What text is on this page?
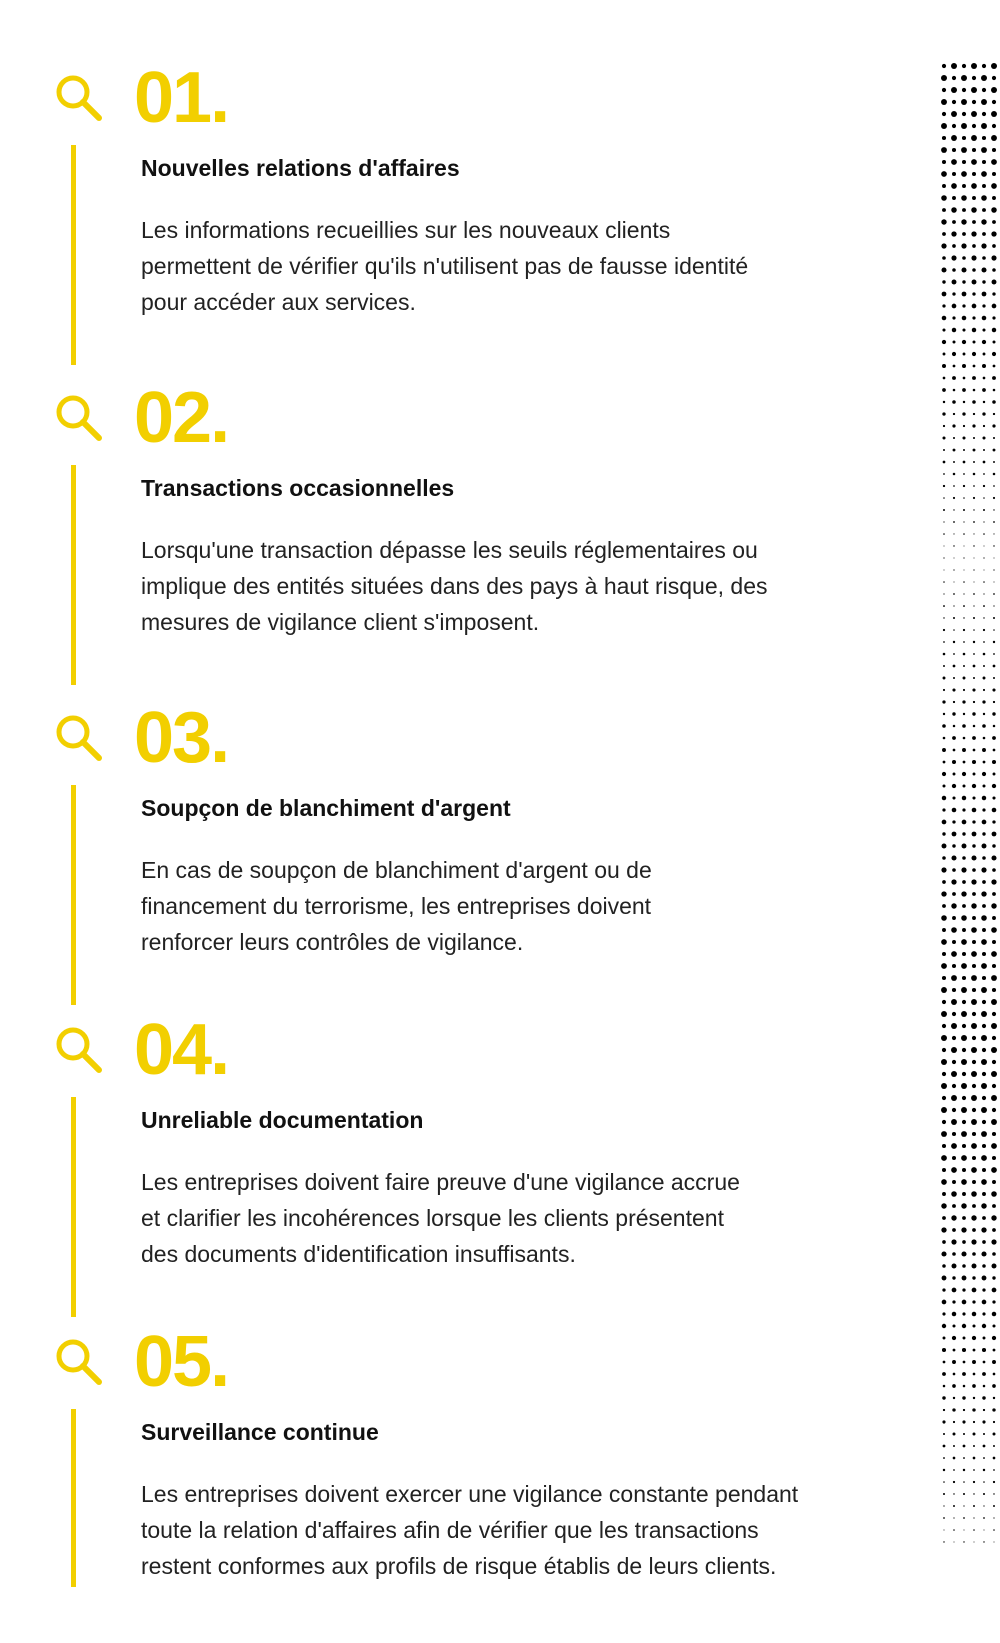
01.
Nouvelles relations d'affaires
Les informations recueillies sur les nouveaux clients
permettent de vérifier qu'ils n'utilisent pas de fausse identité
pour accéder aux services.
02.
Transactions occasionnelles
Lorsqu'une transaction dépasse les seuils réglementaires ou
implique des entités situées dans des pays à haut risque, des
mesures de vigilance client s'imposent.
03.
Soupçon de blanchiment d'argent
En cas de soupçon de blanchiment d'argent ou de
financement du terrorisme, les entreprises doivent
renforcer leurs contrôles de vigilance.
04.
Unreliable documentation
Les entreprises doivent faire preuve d'une vigilance accrue
et clarifier les incohérences lorsque les clients présentent
des documents d'identification insuffisants.
05.
Surveillance continue
Les entreprises doivent exercer une vigilance constante pendant
toute la relation d'affaires afin de vérifier que les transactions
restent conformes aux profils de risque établis de leurs clients.
